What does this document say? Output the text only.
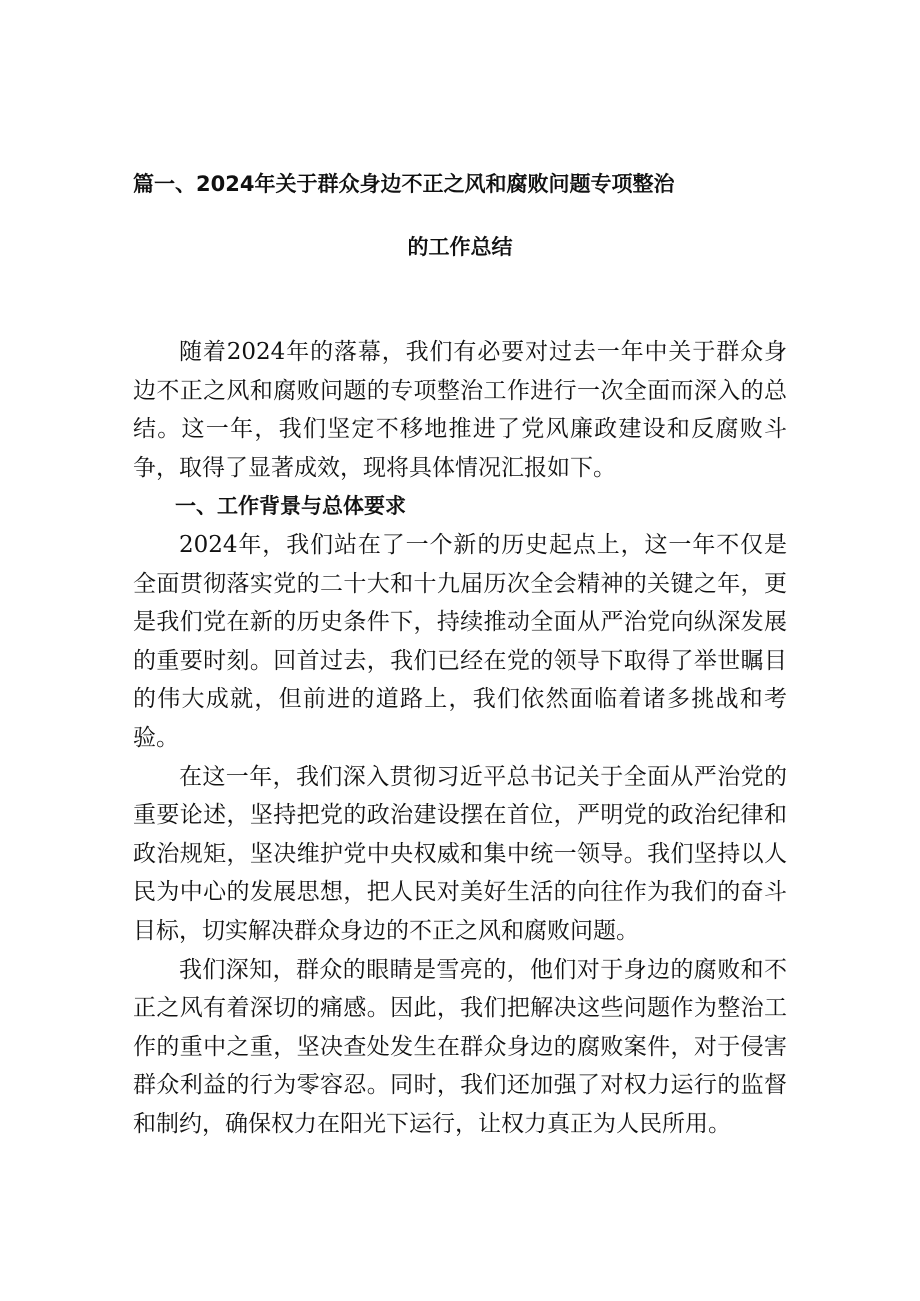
篇一、2024年关于群众身边不正之风和腐败问题专项整治
的工作总结

随着2024年的落幕，我们有必要对过去一年中关于群众身边不正之风和腐败问题的专项整治工作进行一次全面而深入的总结。这一年，我们坚定不移地推进了党风廉政建设和反腐败斗争，取得了显著成效，现将具体情况汇报如下。

一、工作背景与总体要求

2024年，我们站在了一个新的历史起点上，这一年不仅是全面贯彻落实党的二十大和十九届历次全会精神的关键之年，更是我们党在新的历史条件下，持续推动全面从严治党向纵深发展的重要时刻。回首过去，我们已经在党的领导下取得了举世瞩目的伟大成就，但前进的道路上，我们依然面临着诸多挑战和考验。

在这一年，我们深入贯彻习近平总书记关于全面从严治党的重要论述，坚持把党的政治建设摆在首位，严明党的政治纪律和政治规矩，坚决维护党中央权威和集中统一领导。我们坚持以人民为中心的发展思想，把人民对美好生活的向往作为我们的奋斗目标，切实解决群众身边的不正之风和腐败问题。

我们深知，群众的眼睛是雪亮的，他们对于身边的腐败和不正之风有着深切的痛感。因此，我们把解决这些问题作为整治工作的重中之重，坚决查处发生在群众身边的腐败案件，对于侵害群众利益的行为零容忍。同时，我们还加强了对权力运行的监督和制约，确保权力在阳光下运行，让权力真正为人民所用。
